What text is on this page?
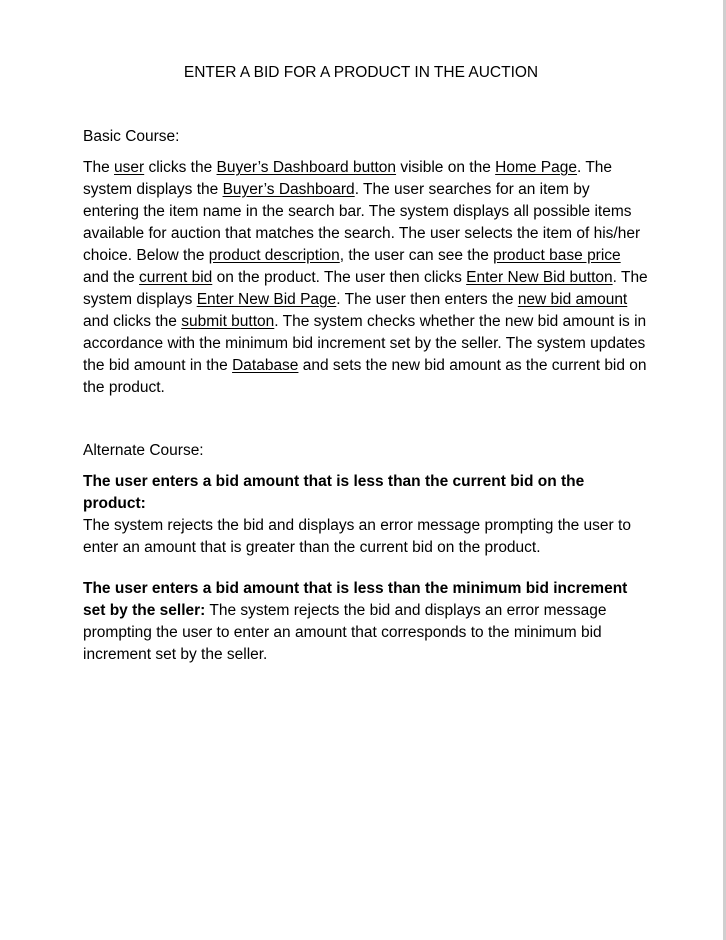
ENTER A BID FOR A PRODUCT IN THE AUCTION
Basic Course:

The user clicks the Buyer’s Dashboard button visible on the Home Page. The system displays the Buyer’s Dashboard. The user searches for an item by entering the item name in the search bar. The system displays all possible items available for auction that matches the search. The user selects the item of his/her choice. Below the product description, the user can see the product base price and the current bid on the product. The user then clicks Enter New Bid button. The system displays Enter New Bid Page. The user then enters the new bid amount and clicks the submit button. The system checks whether the new bid amount is in accordance with the minimum bid increment set by the seller. The system updates the bid amount in the Database and sets the new bid amount as the current bid on the product.

Alternate Course:

The user enters a bid amount that is less than the current bid on the product:
The system rejects the bid and displays an error message prompting the user to enter an amount that is greater than the current bid on the product.

The user enters a bid amount that is less than the minimum bid increment set by the seller: The system rejects the bid and displays an error message prompting the user to enter an amount that corresponds to the minimum bid increment set by the seller.
